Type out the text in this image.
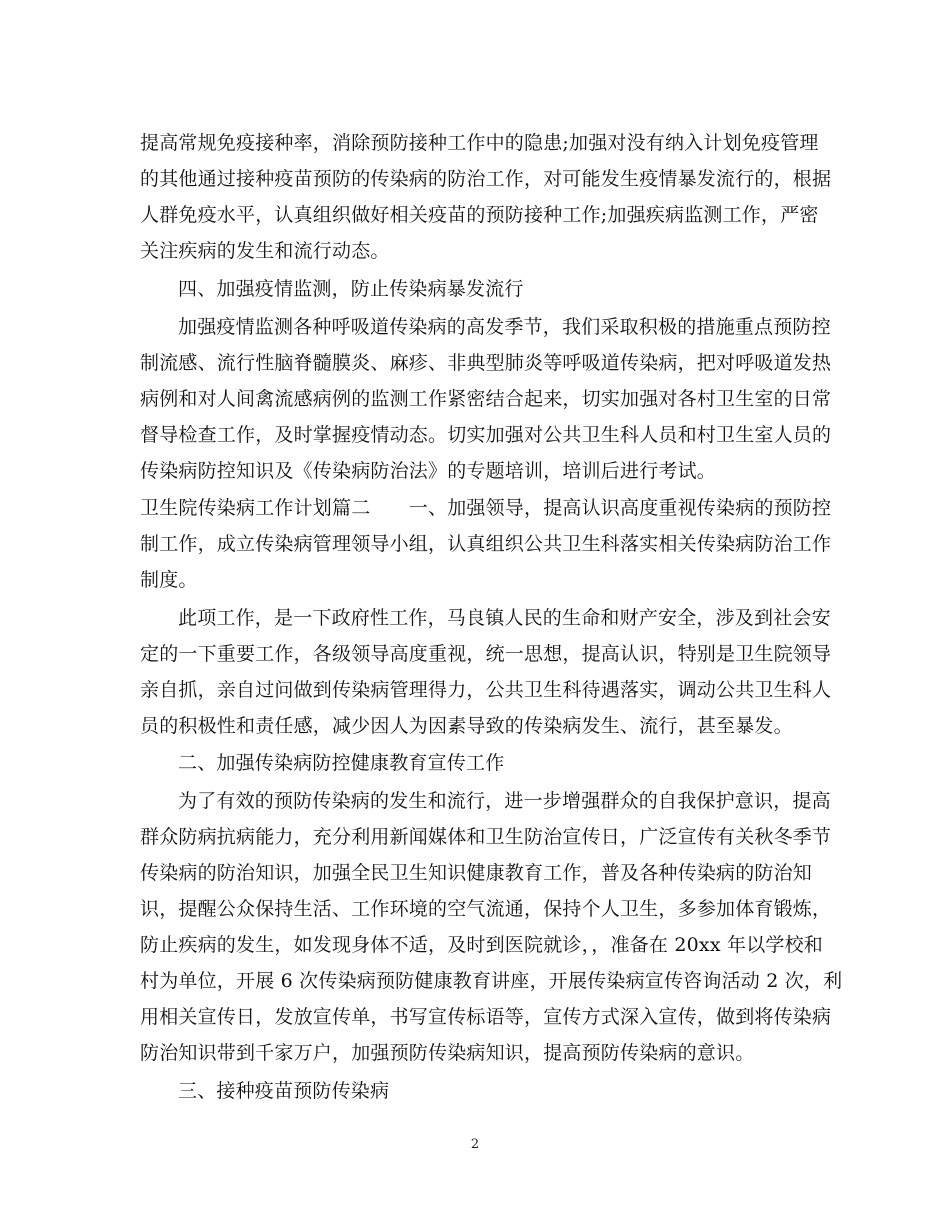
提高常规免疫接种率，消除预防接种工作中的隐患;加强对没有纳入计划免疫管理
的其他通过接种疫苗预防的传染病的防治工作，对可能发生疫情暴发流行的，根据
人群免疫水平，认真组织做好相关疫苗的预防接种工作;加强疾病监测工作，严密
关注疾病的发生和流行动态。
四、加强疫情监测，防止传染病暴发流行
加强疫情监测各种呼吸道传染病的高发季节，我们采取积极的措施重点预防控
制流感、流行性脑脊髓膜炎、麻疹、非典型肺炎等呼吸道传染病，把对呼吸道发热
病例和对人间禽流感病例的监测工作紧密结合起来，切实加强对各村卫生室的日常
督导检查工作，及时掌握疫情动态。切实加强对公共卫生科人员和村卫生室人员的
传染病防控知识及《传染病防治法》的专题培训，培训后进行考试。
卫生院传染病工作计划篇二　　一、加强领导，提高认识高度重视传染病的预防控
制工作，成立传染病管理领导小组，认真组织公共卫生科落实相关传染病防治工作
制度。
此项工作，是一下政府性工作，马良镇人民的生命和财产安全，涉及到社会安
定的一下重要工作，各级领导高度重视，统一思想，提高认识，特别是卫生院领导
亲自抓，亲自过问做到传染病管理得力，公共卫生科待遇落实，调动公共卫生科人
员的积极性和责任感，减少因人为因素导致的传染病发生、流行，甚至暴发。
二、加强传染病防控健康教育宣传工作
为了有效的预防传染病的发生和流行，进一步增强群众的自我保护意识，提高
群众防病抗病能力，充分利用新闻媒体和卫生防治宣传日，广泛宣传有关秋冬季节
传染病的防治知识，加强全民卫生知识健康教育工作，普及各种传染病的防治知
识，提醒公众保持生活、工作环境的空气流通，保持个人卫生，多参加体育锻炼，
防止疾病的发生，如发现身体不适，及时到医院就诊，，准备在 20xx 年以学校和
村为单位，开展 6 次传染病预防健康教育讲座，开展传染病宣传咨询活动 2 次，利
用相关宣传日，发放宣传单，书写宣传标语等，宣传方式深入宣传，做到将传染病
防治知识带到千家万户，加强预防传染病知识，提高预防传染病的意识。
三、接种疫苗预防传染病
2
